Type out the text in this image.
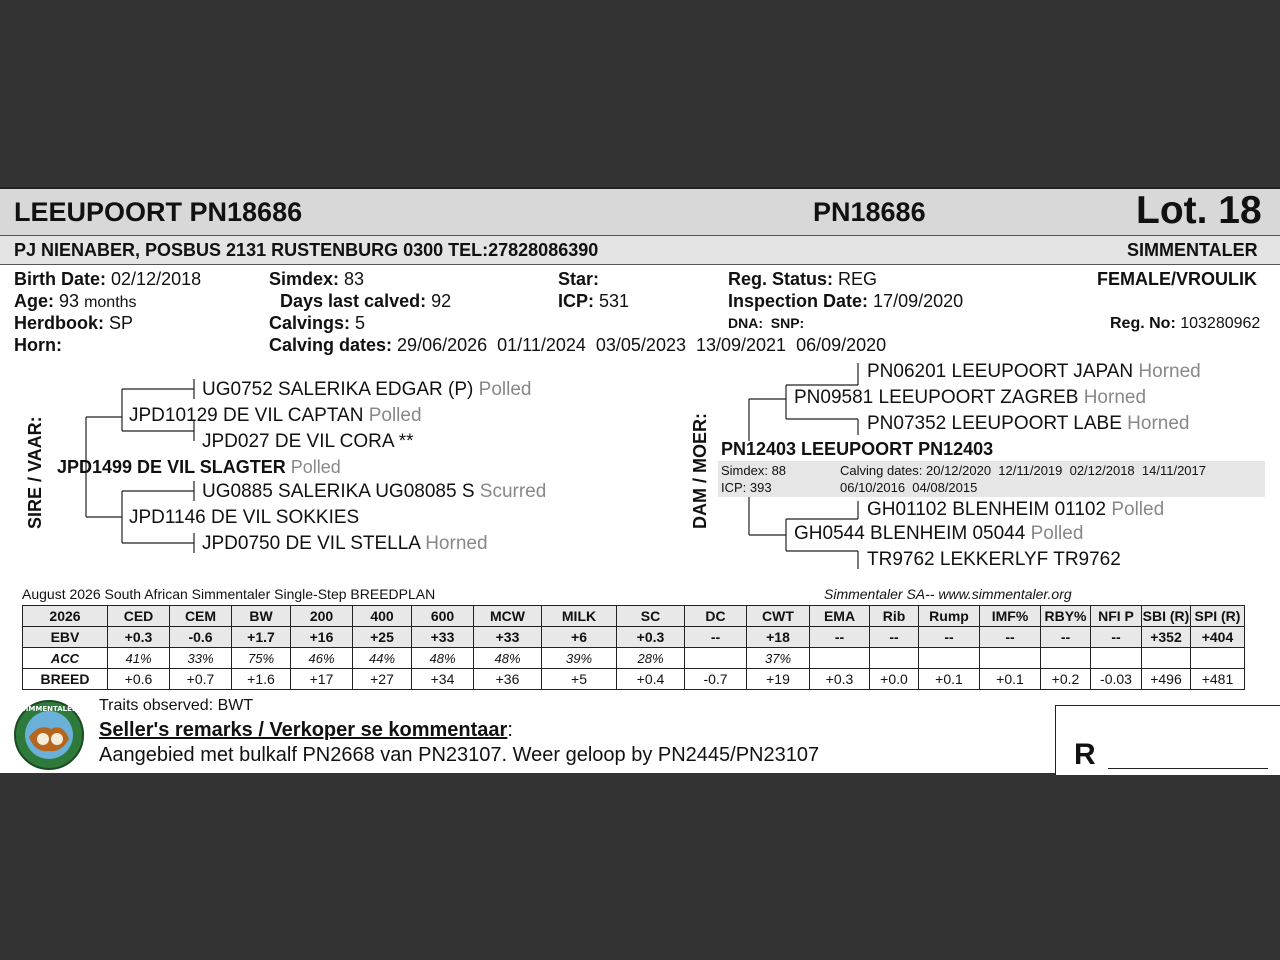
LEEUPOORT PN18686	PN18686	Lot. 18
PJ NIENABER, POSBUS 2131 RUSTENBURG 0300 TEL:27828086390	SIMMENTALER
Birth Date: 02/12/2018
Age: 93 months
Herdbook: SP
Horn:
Simdex: 83
Days last calved: 92
Calvings: 5
Calving dates: 29/06/2026  01/11/2024  03/05/2023  13/09/2021  06/09/2020
Star:
ICP: 531
Reg. Status: REG
Inspection Date: 17/09/2020
DNA:  SNP:
FEMALE/VROULIK
Reg. No: 103280962
SIRE / VAAR:
UG0752 SALERIKA EDGAR (P) Polled
JPD10129 DE VIL CAPTAN Polled
JPD027 DE VIL CORA **
JPD1499 DE VIL SLAGTER Polled
UG0885 SALERIKA UG08085 S Scurred
JPD1146 DE VIL SOKKIES
JPD0750 DE VIL STELLA Horned
DAM / MOER:
PN06201 LEEUPOORT JAPAN Horned
PN09581 LEEUPOORT ZAGREB Horned
PN07352 LEEUPOORT LABE Horned
PN12403 LEEUPOORT PN12403
Simdex: 88
ICP: 393
Calving dates: 20/12/2020  12/11/2019  02/12/2018  14/11/2017
06/10/2016  04/08/2015
GH01102 BLENHEIM 01102 Polled
GH0544 BLENHEIM 05044 Polled
TR9762 LEKKERLYF TR9762
August 2026 South African Simmentaler Single-Step BREEDPLAN	Simmentaler SA-- www.simmentaler.org
2026	CED	CEM	BW	200	400	600	MCW	MILK	SC	DC	CWT	EMA	Rib	Rump	IMF%	RBY%	NFI P	SBI (R)	SPI (R)
EBV	+0.3	-0.6	+1.7	+16	+25	+33	+33	+6	+0.3	--	+18	--	--	--	--	--	--	+352	+404
ACC	41%	33%	75%	46%	44%	48%	48%	39%	28%		37%								
BREED	+0.6	+0.7	+1.6	+17	+27	+34	+36	+5	+0.4	-0.7	+19	+0.3	+0.0	+0.1	+0.1	+0.2	-0.03	+496	+481
SIMMENTALER Traits observed: BWT
Seller's remarks / Verkoper se kommentaar:
Aangebied met bulkalf PN2668 van PN23107. Weer geloop by PN2445/PN23107	R
